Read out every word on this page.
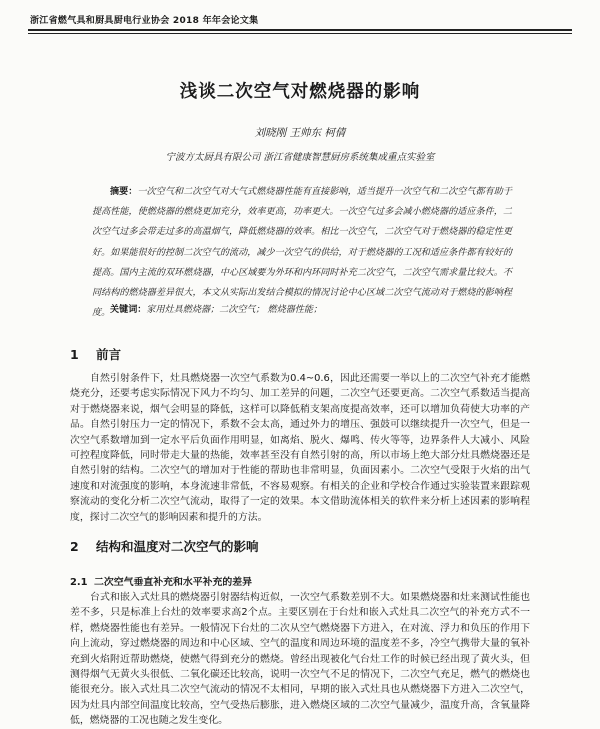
浙江省燃气具和厨具厨电行业协会 2018 年年会论文集
浅谈二次空气对燃烧器的影响
刘晓刚 王帅东 柯倩
宁波方太厨具有限公司 浙江省健康智慧厨房系统集成重点实验室
摘要：一次空气和二次空气对大气式燃烧器性能有直接影响，适当提升一次空气和二次空气都有助于提高性能，使燃烧器的燃烧更加充分，效率更高，功率更大。一次空气过多会减小燃烧器的适应条件，二次空气过多会带走过多的高温烟气，降低燃烧器的效率。相比一次空气，二次空气对于燃烧器的稳定性更好。如果能很好的控制二次空气的流动，减少一次空气的供给，对于燃烧器的工况和适应条件都有较好的提高。国内主流的双环燃烧器，中心区域要为外环和内环同时补充二次空气，二次空气需求量比较大。不同结构的燃烧器差异很大，本文从实际出发结合模拟的情况讨论中心区域二次空气流动对于燃烧的影响程度。 关键词：家用灶具燃烧器；二次空气； 燃烧器性能；
1 前言
自然引射条件下，灶具燃烧器一次空气系数为0.4~0.6，因此还需要一举以上的二次空气补充才能燃烧充分，还要考虑实际情况下风力不均匀、加工差异的问题，二次空气还要更高。二次空气系数适当提高对于燃烧器来说，烟气会明显的降低，这样可以降低稍支架高度提高效率，还可以增加负荷使大功率的产品。自然引射压力一定的情况下，系数不会太高，通过外力的增压、强鼓可以继续提升一次空气，但是一次空气系数增加到一定水平后负面作用明显，如离焰、脱火、爆鸣、传火等等，边界条件人大减小、风险可控程度降低，同时带走大量的热能，效率甚至没有自然引射的高，所以市场上绝大部分灶具燃烧器还是自然引射的结构。二次空气的增加对于性能的帮助也非常明显，负面因素小。二次空气受限于火焰的出气速度和对流强度的影响，本身流速非常低，不容易观察。有相关的企业和学校合作通过实验装置来跟踪观察流动的变化分析二次空气流动，取得了一定的效果。本文借助流体相关的软件来分析上述因素的影响程度，探讨二次空气的影响因素和提升的方法。
2 结构和温度对二次空气的影响
2.1 二次空气垂直补充和水平补充的差异
台式和嵌入式灶具的燃烧器引射器结构近似，一次空气系数差别不大。如果燃烧器和灶来测试性能也差不多，只是标准上台灶的效率要求高2个点。主要区别在于台灶和嵌入式灶具二次空气的补充方式不一样，燃烧器性能也有差异。一般情况下台灶的二次从空气燃烧器下方进入，在对流、浮力和负压的作用下向上流动，穿过燃烧器的周边和中心区域、空气的温度和周边环境的温度差不多，冷空气携带大量的氧补充到火焰附近帮助燃烧，使燃气得到充分的燃烧。曾经出现被化气台灶工作的时候已经出现了黄火头，但测得烟气无黄火头很低、二氧化碳还比较高，说明一次空气不足的情况下，二次空气充足，燃气的燃烧也能很充分。嵌入式灶具二次空气流动的情况不太相同，早期的嵌入式灶具也从燃烧器下方进入二次空气，因为灶具内部空间温度比较高，空气受热后膨胀，进入燃烧区域的二次空气量减少，温度升高，含氧量降低，燃烧器的工况也随之发生变化。
